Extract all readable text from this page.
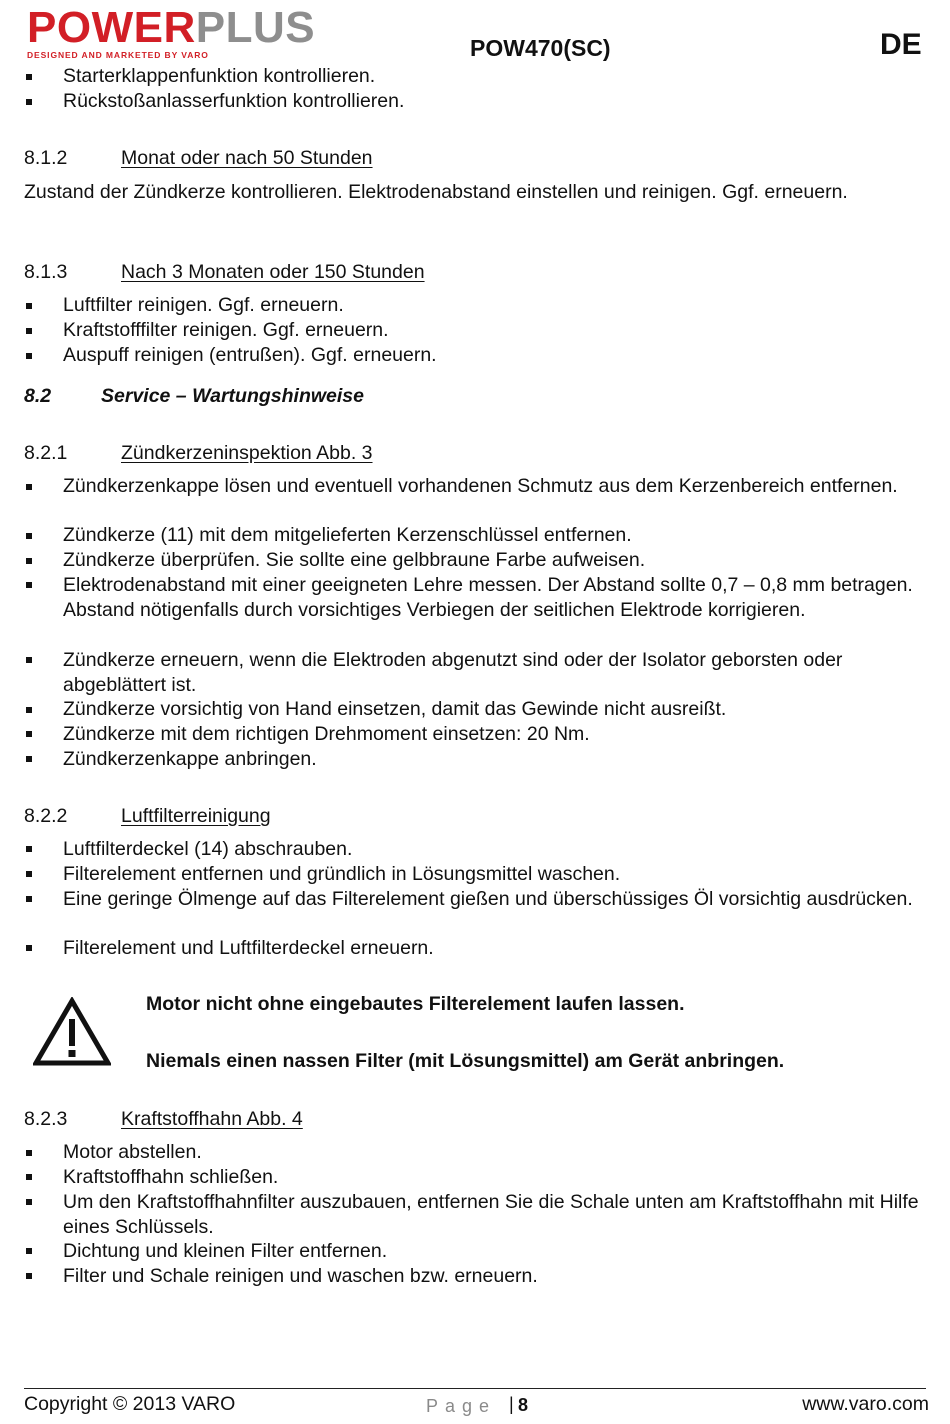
POWERPLUS
DESIGNED AND MARKETED BY VARO	POW470(SC)	DE
Starterklappenfunktion kontrollieren.
Rückstoßanlasserfunktion kontrollieren.
8.1.2	Monat oder nach 50 Stunden
Zustand der Zündkerze kontrollieren. Elektrodenabstand einstellen und reinigen. Ggf. erneuern.
8.1.3	Nach 3 Monaten oder 150 Stunden
Luftfilter reinigen. Ggf. erneuern.
Kraftstofffilter reinigen. Ggf. erneuern.
Auspuff reinigen (entrußen). Ggf. erneuern.
8.2	Service – Wartungshinweise
8.2.1	Zündkerzeninspektion Abb. 3
Zündkerzenkappe lösen und eventuell vorhandenen Schmutz aus dem Kerzenbereich entfernen.
Zündkerze (11) mit dem mitgelieferten Kerzenschlüssel entfernen.
Zündkerze überprüfen. Sie sollte eine gelbbraune Farbe aufweisen.
Elektrodenabstand mit einer geeigneten Lehre messen. Der Abstand sollte 0,7 – 0,8 mm betragen. Abstand nötigenfalls durch vorsichtiges Verbiegen der seitlichen Elektrode korrigieren.
Zündkerze erneuern, wenn die Elektroden abgenutzt sind oder der Isolator geborsten oder abgeblättert ist.
Zündkerze vorsichtig von Hand einsetzen, damit das Gewinde nicht ausreißt.
Zündkerze mit dem richtigen Drehmoment einsetzen: 20 Nm.
Zündkerzenkappe anbringen.
8.2.2	Luftfilterreinigung
Luftfilterdeckel (14) abschrauben.
Filterelement entfernen und gründlich in Lösungsmittel waschen.
Eine geringe Ölmenge auf das Filterelement gießen und überschüssiges Öl vorsichtig ausdrücken.
Filterelement und Luftfilterdeckel erneuern.
Motor nicht ohne eingebautes Filterelement laufen lassen.
Niemals einen nassen Filter (mit Lösungsmittel) am Gerät anbringen.
8.2.3	Kraftstoffhahn Abb. 4
Motor abstellen.
Kraftstoffhahn schließen.
Um den Kraftstoffhahnfilter auszubauen, entfernen Sie die Schale unten am Kraftstoffhahn mit Hilfe eines Schlüssels.
Dichtung und kleinen Filter entfernen.
Filter und Schale reinigen und waschen bzw. erneuern.
Copyright © 2013 VARO	Page | 8	www.varo.com
